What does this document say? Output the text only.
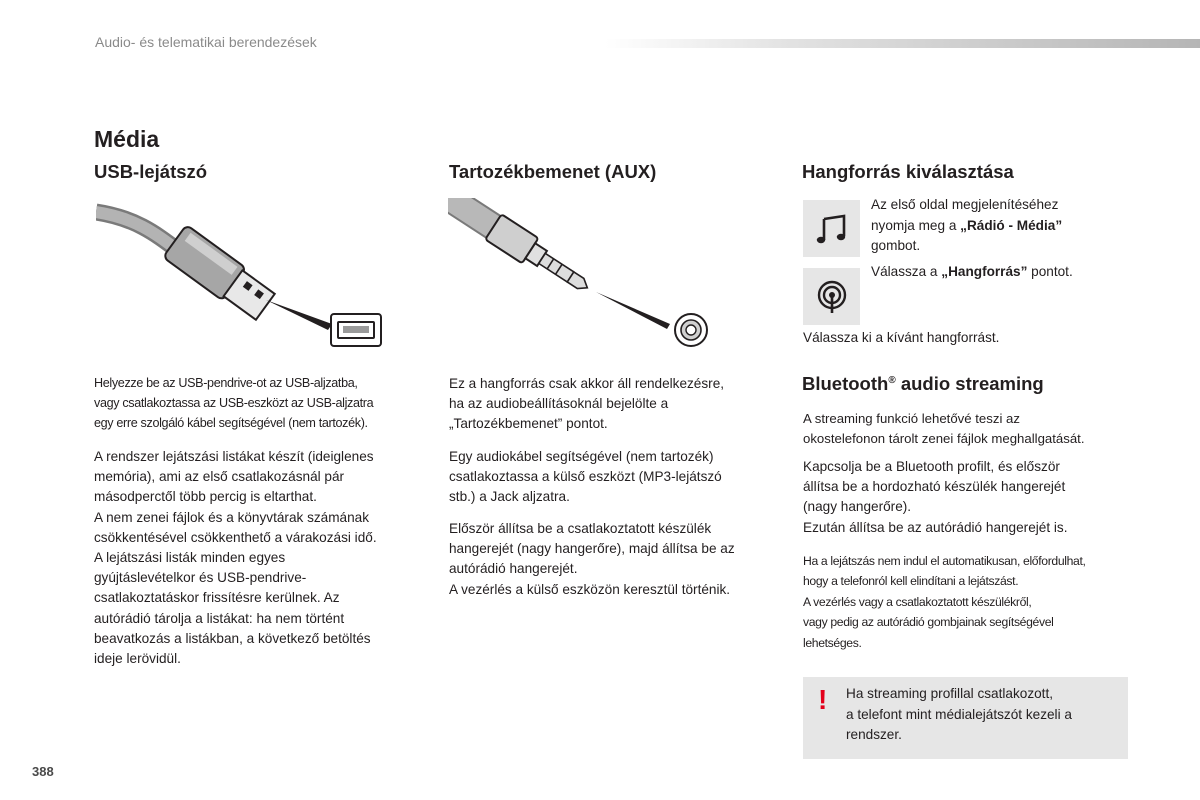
Audio- és telematikai berendezések
Média
USB-lejátszó

Helyezze be az USB-pendrive-ot az USB-aljzatba,

vagy csatlakoztassa az USB-eszközt az USB-aljzatra

egy erre szolgáló kábel segítségével (nem tartozék).

A rendszer lejátszási listákat készít (ideiglenes

memória), ami az első csatlakozásnál pár

másodperctől több percig is eltarthat.

A nem zenei fájlok és a könyvtárak számának

csökkentésével csökkenthető a várakozási idő.

A lejátszási listák minden egyes

gyújtáslevételkor és USB-pendrive-

csatlakoztatáskor frissítésre kerülnek. Az

autórádió tárolja a listákat: ha nem történt

beavatkozás a listákban, a következő betöltés

ideje lerövidül.

Tartozékbemenet (AUX)

Ez a hangforrás csak akkor áll rendelkezésre,

ha az audiobeállításoknál bejelölte a

„Tartozékbemenet” pontot.

Egy audiokábel segítségével (nem tartozék)

csatlakoztassa a külső eszközt (MP3-lejátszó

stb.) a Jack aljzatra.

Először állítsa be a csatlakoztatott készülék

hangerejét (nagy hangerőre), majd állítsa be az

autórádió hangerejét.

A vezérlés a külső eszközön keresztül történik.

Hangforrás kiválasztása

Az első oldal megjelenítéséhez

nyomja meg a „Rádió - Média”

gombot.

Válassza a „Hangforrás” pontot.

Válassza ki a kívánt hangforrást.
Bluetooth® audio streaming

A streaming funkció lehetővé teszi az

okostelefonon tárolt zenei fájlok meghallgatását.

Kapcsolja be a Bluetooth profilt, és először

állítsa be a hordozható készülék hangerejét

(nagy hangerőre).

Ezután állítsa be az autórádió hangerejét is.

Ha a lejátszás nem indul el automatikusan, előfordulhat,

hogy a telefonról kell elindítani a lejátszást.

A vezérlés vagy a csatlakoztatott készülékről,

vagy pedig az autórádió gombjainak segítségével

lehetséges.

! Ha streaming profillal csatlakozott,
a telefont mint médialejátszót kezeli a
rendszer.
388
